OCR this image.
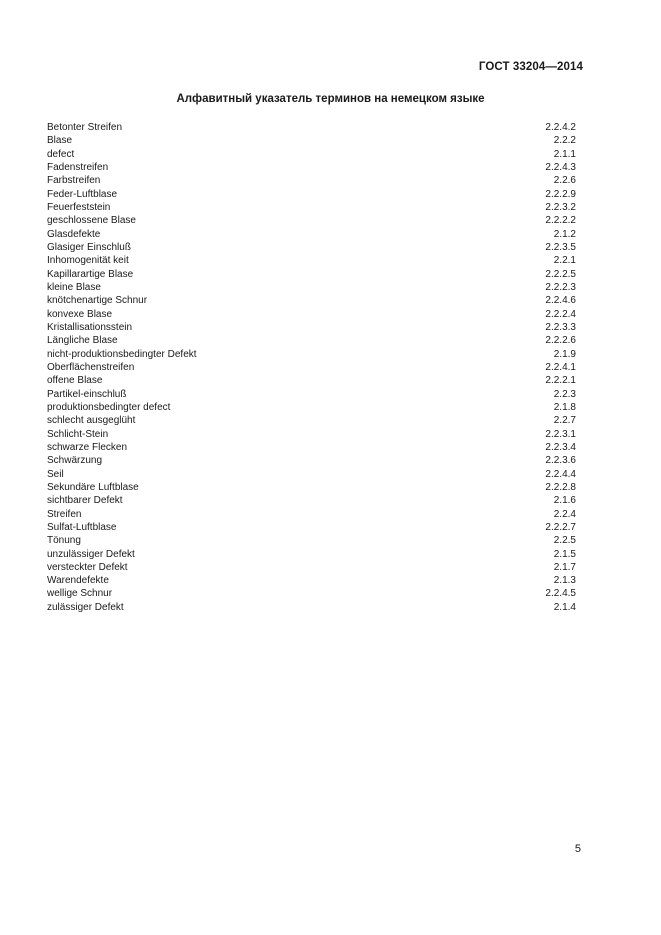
ГОСТ 33204—2014
Алфавитный указатель терминов на немецком языке
Betonter Streifen	2.2.4.2
Blase	2.2.2
defect	2.1.1
Fadenstreifen	2.2.4.3
Farbstreifen	2.2.6
Feder-Luftblase	2.2.2.9
Feuerfeststein	2.2.3.2
geschlossene Blase	2.2.2.2
Glasdefekte	2.1.2
Glasiger Einschluß	2.2.3.5
Inhomogenität keit	2.2.1
Kapillarartige Blase	2.2.2.5
kleine Blase	2.2.2.3
knötchenartige Schnur	2.2.4.6
konvexe Blase	2.2.2.4
Kristallisationsstein	2.2.3.3
Längliche Blase	2.2.2.6
nicht-produktionsbedingter Defekt	2.1.9
Oberflächenstreifen	2.2.4.1
offene Blase	2.2.2.1
Partikel-einschluß	2.2.3
produktionsbedingter defect	2.1.8
schlecht ausgeglüht	2.2.7
Schlicht-Stein	2.2.3.1
schwarze Flecken	2.2.3.4
Schwärzung	2.2.3.6
Seil	2.2.4.4
Sekundäre Luftblase	2.2.2.8
sichtbarer Defekt	2.1.6
Streifen	2.2.4
Sulfat-Luftblase	2.2.2.7
Tönung	2.2.5
unzulässiger Defekt	2.1.5
versteckter Defekt	2.1.7
Warendefekte	2.1.3
wellige Schnur	2.2.4.5
zulässiger Defekt	2.1.4
5
